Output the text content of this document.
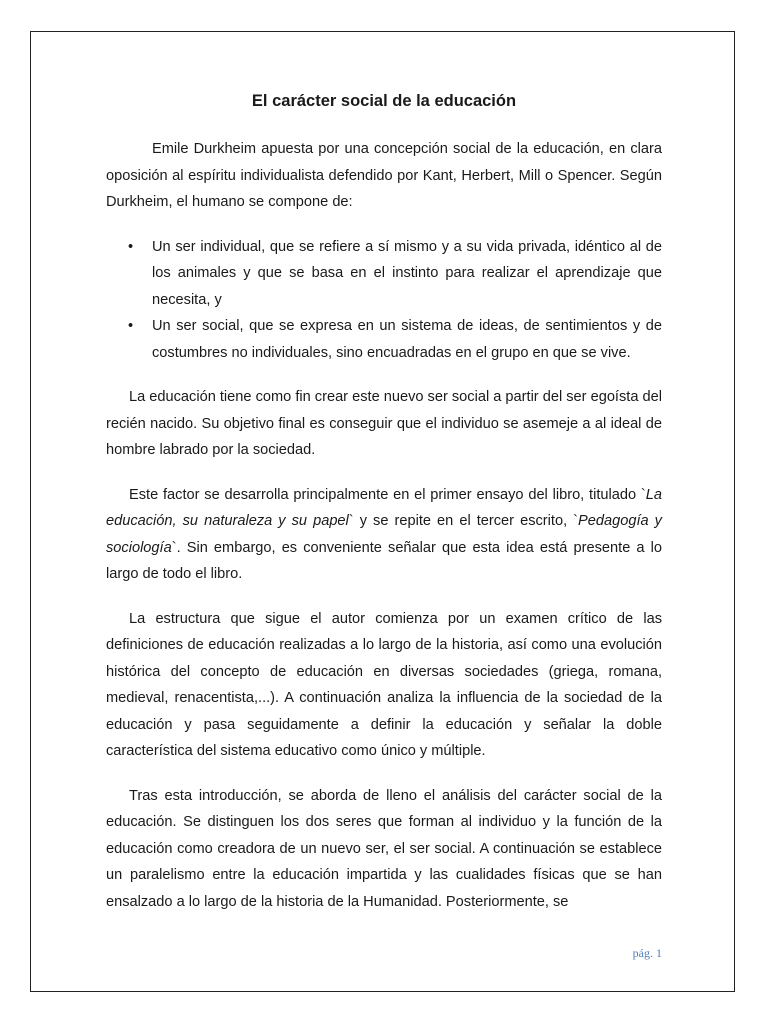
El carácter social de la educación

Emile Durkheim apuesta por una concepción social de la educación, en clara oposición al espíritu individualista defendido por Kant, Herbert, Mill o Spencer. Según Durkheim, el humano se compone de:

• Un ser individual, que se refiere a sí mismo y a su vida privada, idéntico al de los animales y que se basa en el instinto para realizar el aprendizaje que necesita, y
• Un ser social, que se expresa en un sistema de ideas, de sentimientos y de costumbres no individuales, sino encuadradas en el grupo en que se vive.

La educación tiene como fin crear este nuevo ser social a partir del ser egoísta del recién nacido. Su objetivo final es conseguir que el individuo se asemeje a al ideal de hombre labrado por la sociedad.

Este factor se desarrolla principalmente en el primer ensayo del libro, titulado `La educación, su naturaleza y su papel` y se repite en el tercer escrito, `Pedagogía y sociología`. Sin embargo, es conveniente señalar que esta idea está presente a lo largo de todo el libro.

La estructura que sigue el autor comienza por un examen crítico de las definiciones de educación realizadas a lo largo de la historia, así como una evolución histórica del concepto de educación en diversas sociedades (griega, romana, medieval, renacentista,...). A continuación analiza la influencia de la sociedad de la educación y pasa seguidamente a definir la educación y señalar la doble característica del sistema educativo como único y múltiple.

Tras esta introducción, se aborda de lleno el análisis del carácter social de la educación. Se distinguen los dos seres que forman al individuo y la función de la educación como creadora de un nuevo ser, el ser social. A continuación se establece un paralelismo entre la educación impartida y las cualidades físicas que se han ensalzado a lo largo de la historia de la Humanidad. Posteriormente, se

pág. 1
